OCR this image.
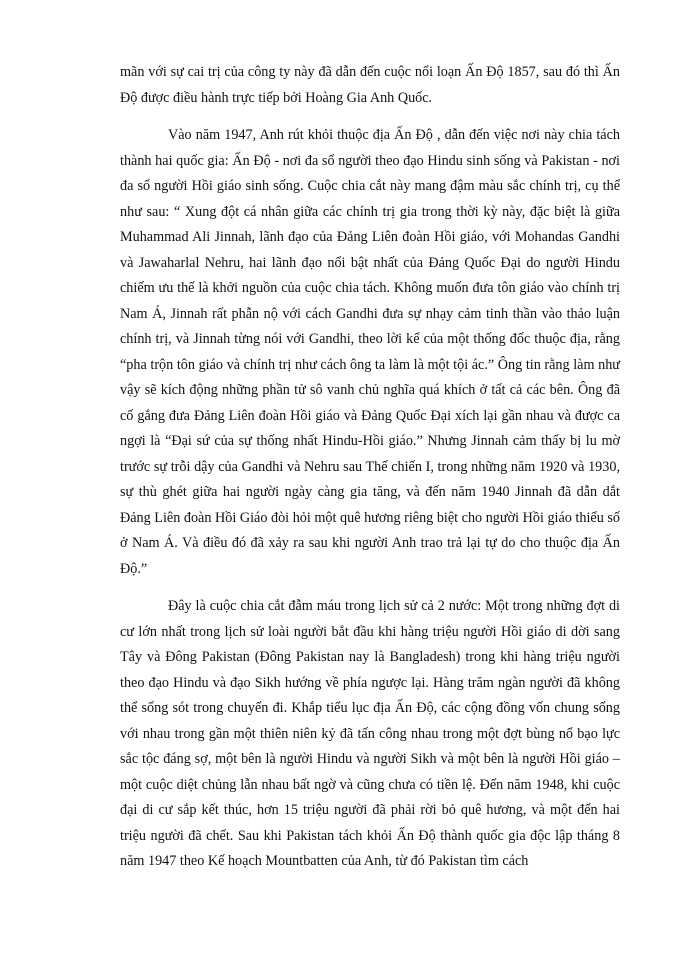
mãn với sự cai trị của công ty này đã dẫn đến cuộc nổi loạn Ấn Độ 1857, sau đó thì Ấn Độ được điều hành trực tiếp bởi Hoàng Gia Anh Quốc.

Vào năm 1947, Anh rút khỏi thuộc địa Ấn Độ , dẫn đến việc nơi này chia tách thành hai quốc gia: Ấn Độ - nơi đa số người theo đạo Hindu sinh sống và Pakistan - nơi đa số người Hồi giáo sinh sống. Cuộc chia cắt này mang đậm màu sắc chính trị, cụ thể như sau: “ Xung đột cá nhân giữa các chính trị gia trong thời kỳ này, đặc biệt là giữa Muhammad Ali Jinnah, lãnh đạo của Đảng Liên đoàn Hồi giáo, với Mohandas Gandhi và Jawaharlal Nehru, hai lãnh đạo nổi bật nhất của Đảng Quốc Đại do người Hindu chiếm ưu thế là khởi nguồn của cuộc chia tách. Không muốn đưa tôn giáo vào chính trị Nam Á, Jinnah rất phẫn nộ với cách Gandhi đưa sự nhạy cảm tinh thần vào thảo luận chính trị, và Jinnah từng nói với Gandhi, theo lời kể của một thống đốc thuộc địa, rằng “pha trộn tôn giáo và chính trị như cách ông ta làm là một tội ác.” Ông tin rằng làm như vậy sẽ kích động những phần tử sô vanh chủ nghĩa quá khích ở tất cả các bên. Ông đã cố gắng đưa Đảng Liên đoàn Hồi giáo và Đảng Quốc Đại xích lại gần nhau và được ca ngợi là “Đại sứ của sự thống nhất Hindu-Hồi giáo.” Nhưng Jinnah cảm thấy bị lu mờ trước sự trỗi dậy của Gandhi và Nehru sau Thế chiến I, trong những năm 1920 và 1930, sự thù ghét giữa hai người ngày càng gia tăng, và đến năm 1940 Jinnah đã dẫn dắt Đảng Liên đoàn Hồi Giáo đòi hỏi một quê hương riêng biệt cho người Hồi giáo thiểu số ở Nam Á. Và điều đó đã xảy ra sau khi người Anh trao trả lại tự do cho thuộc địa Ấn Độ.”

Đây là cuộc chia cắt đẫm máu trong lịch sử cả 2 nước: Một trong những đợt di cư lớn nhất trong lịch sử loài người bắt đầu khi hàng triệu người Hồi giáo di dời sang Tây và Đông Pakistan (Đông Pakistan nay là Bangladesh) trong khi hàng triệu người theo đạo Hindu và đạo Sikh hướng về phía ngược lại. Hàng trăm ngàn người đã không thể sống sót trong chuyến đi. Khắp tiểu lục địa Ấn Độ, các cộng đồng vốn chung sống với nhau trong gần một thiên niên kỷ đã tấn công nhau trong một đợt bùng nổ bạo lực sắc tộc đáng sợ, một bên là người Hindu và người Sikh và một bên là người Hồi giáo – một cuộc diệt chủng lẫn nhau bất ngờ và cũng chưa có tiền lệ. Đến năm 1948, khi cuộc đại di cư sắp kết thúc, hơn 15 triệu người đã phải rời bỏ quê hương, và một đến hai triệu người đã chết. Sau khi Pakistan tách khỏi Ấn Độ thành quốc gia độc lập tháng 8 năm 1947 theo Kế hoạch Mountbatten của Anh, từ đó Pakistan tìm cách
